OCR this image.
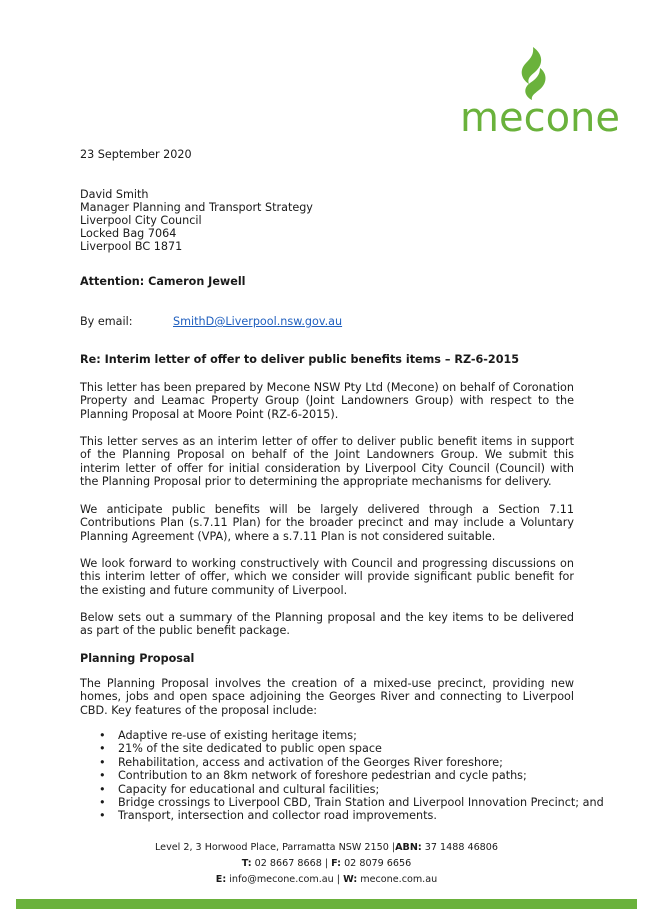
mecone
23 September 2020
David Smith
Manager Planning and Transport Strategy
Liverpool City Council
Locked Bag 7064
Liverpool BC 1871
Attention: Cameron Jewell
By email:	SmithD@Liverpool.nsw.gov.au
Re: Interim letter of offer to deliver public benefits items – RZ-6-2015
This letter has been prepared by Mecone NSW Pty Ltd (Mecone) on behalf of Coronation Property and Leamac Property Group (Joint Landowners Group) with respect to the Planning Proposal at Moore Point (RZ-6-2015).
This letter serves as an interim letter of offer to deliver public benefit items in support of the Planning Proposal on behalf of the Joint Landowners Group. We submit this interim letter of offer for initial consideration by Liverpool City Council (Council) with the Planning Proposal prior to determining the appropriate mechanisms for delivery.
We anticipate public benefits will be largely delivered through a Section 7.11 Contributions Plan (s.7.11 Plan) for the broader precinct and may include a Voluntary Planning Agreement (VPA), where a s.7.11 Plan is not considered suitable.
We look forward to working constructively with Council and progressing discussions on this interim letter of offer, which we consider will provide significant public benefit for the existing and future community of Liverpool.
Below sets out a summary of the Planning proposal and the key items to be delivered as part of the public benefit package.
Planning Proposal
The Planning Proposal involves the creation of a mixed-use precinct, providing new homes, jobs and open space adjoining the Georges River and connecting to Liverpool CBD. Key features of the proposal include:
• Adaptive re-use of existing heritage items;
• 21% of the site dedicated to public open space
• Rehabilitation, access and activation of the Georges River foreshore;
• Contribution to an 8km network of foreshore pedestrian and cycle paths;
• Capacity for educational and cultural facilities;
• Bridge crossings to Liverpool CBD, Train Station and Liverpool Innovation Precinct; and
• Transport, intersection and collector road improvements.
Level 2, 3 Horwood Place, Parramatta NSW 2150 |ABN: 37 1488 46806
T: 02 8667 8668 | F: 02 8079 6656
E: info@mecone.com.au | W: mecone.com.au
